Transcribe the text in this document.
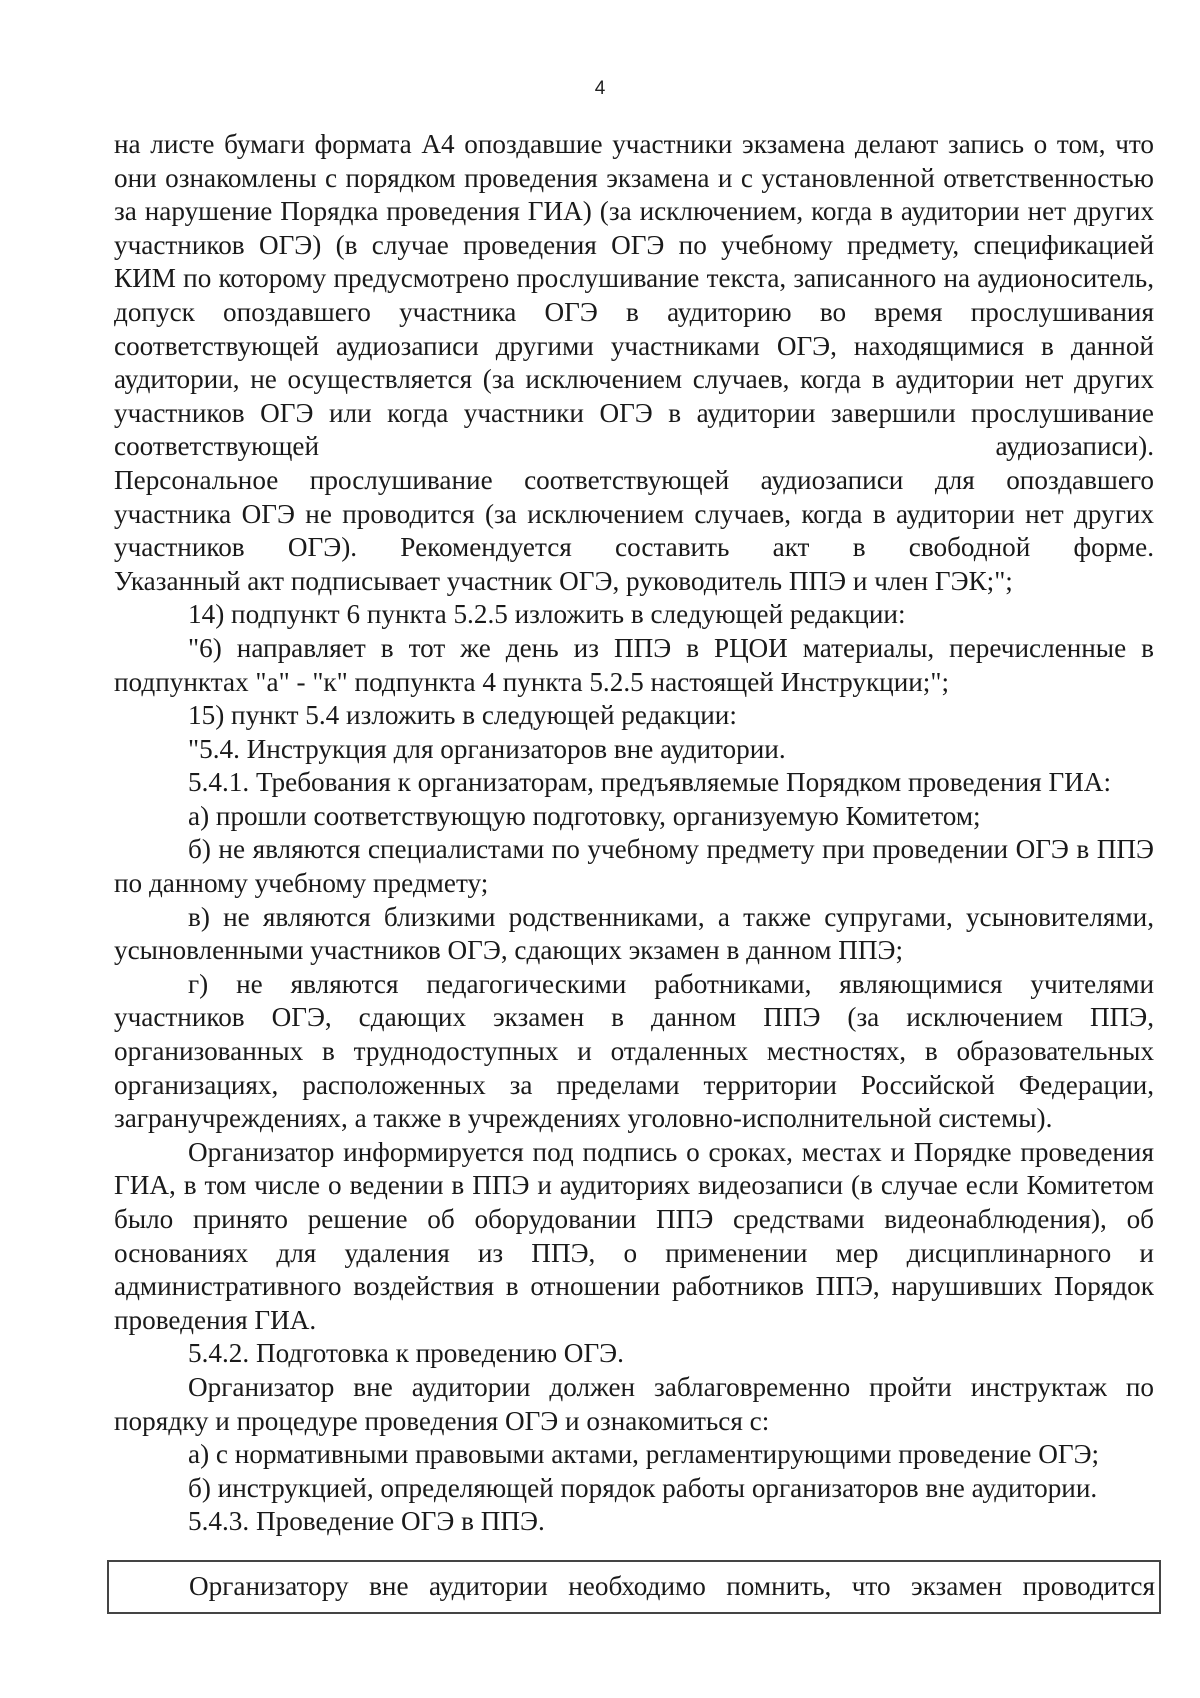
4

на листе бумаги формата А4 опоздавшие участники экзамена делают запись о том, что они ознакомлены с порядком проведения экзамена и с установленной ответственностью за нарушение Порядка проведения ГИА) (за исключением, когда в аудитории нет других участников ОГЭ) (в случае проведения ОГЭ по учебному предмету, спецификацией КИМ по которому предусмотрено прослушивание текста, записанного на аудионоситель, допуск опоздавшего участника ОГЭ в аудиторию во время прослушивания соответствующей аудиозаписи другими участниками ОГЭ, находящимися в данной аудитории, не осуществляется (за исключением случаев, когда в аудитории нет других участников ОГЭ или когда участники ОГЭ в аудитории завершили прослушивание соответствующей аудиозаписи).

Персональное прослушивание соответствующей аудиозаписи для опоздавшего участника ОГЭ не проводится (за исключением случаев, когда в аудитории нет других участников ОГЭ). Рекомендуется составить акт в свободной форме.

Указанный акт подписывает участник ОГЭ, руководитель ППЭ и член ГЭК;";

14) подпункт 6 пункта 5.2.5 изложить в следующей редакции:

"6) направляет в тот же день из ППЭ в РЦОИ материалы, перечисленные в подпунктах "а" - "к" подпункта 4 пункта 5.2.5 настоящей Инструкции;";

15) пункт 5.4 изложить в следующей редакции:

"5.4. Инструкция для организаторов вне аудитории.

5.4.1. Требования к организаторам, предъявляемые Порядком проведения ГИА:

а) прошли соответствующую подготовку, организуемую Комитетом;

б) не являются специалистами по учебному предмету при проведении ОГЭ в ППЭ по данному учебному предмету;

в) не являются близкими родственниками, а также супругами, усыновителями, усыновленными участников ОГЭ, сдающих экзамен в данном ППЭ;

г) не являются педагогическими работниками, являющимися учителями участников ОГЭ, сдающих экзамен в данном ППЭ (за исключением ППЭ, организованных в труднодоступных и отдаленных местностях, в образовательных организациях, расположенных за пределами территории Российской Федерации, загранучреждениях, а также в учреждениях уголовно-исполнительной системы).

Организатор информируется под подпись о сроках, местах и Порядке проведения ГИА, в том числе о ведении в ППЭ и аудиториях видеозаписи (в случае если Комитетом было принято решение об оборудовании ППЭ средствами видеонаблюдения), об основаниях для удаления из ППЭ, о применении мер дисциплинарного и административного воздействия в отношении работников ППЭ, нарушивших Порядок проведения ГИА.

5.4.2. Подготовка к проведению ОГЭ.

Организатор вне аудитории должен заблаговременно пройти инструктаж по порядку и процедуре проведения ОГЭ и ознакомиться с:

а) с нормативными правовыми актами, регламентирующими проведение ОГЭ;

б) инструкцией, определяющей порядок работы организаторов вне аудитории.

5.4.3. Проведение ОГЭ в ППЭ.

Организатору вне аудитории необходимо помнить, что экзамен проводится
